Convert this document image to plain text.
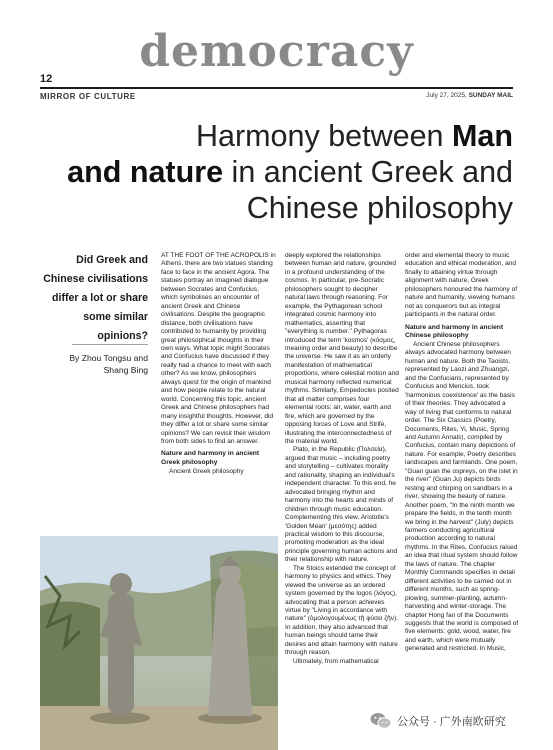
democracy
12
MIRROR OF CULTURE	July 27, 2025, SUNDAY MAIL
Harmony between Man
and nature in ancient Greek and
Chinese philosophy
Did Greek and Chinese civilisations differ a lot or share some similar opinions?
By Zhou Tongsu and
Shang Bing

AT THE FOOT OF THE ACROPOLIS in Athens, there are two statues standing face to face in the ancient Agora. The statues portray an imagined dialogue between Socrates and Confucius, which symbolises an encounter of ancient Greek and Chinese civilisations. Despite the geographic distance, both civilisations have contributed to humanity by providing great philosophical thoughts in their own ways. What topic might Socrates and Confucius have discussed if they really had a chance to meet with each other? As we know, philosophers always quest for the origin of mankind and how people relate to the natural world. Concerning this topic, ancient Greek and Chinese philosophers had many insightful thoughts. However, did they differ a lot or share some similar opinions? We can revisit their wisdom from both sides to find an answer.

Nature and harmony in ancient Greek philosophy

Ancient Greek philosophy

deeply explored the relationships between human and nature, grounded in a profound understanding of the cosmos. In particular, pre-Socratic philosophers sought to decipher natural laws through reasoning. For example, the Pythagorean school integrated cosmic harmony into mathematics, asserting that "everything is number." Pythagoras introduced the term 'kosmos' (κόσμος, meaning order and beauty) to describe the universe. He saw it as an orderly manifestation of mathematical proportions, where celestial motion and musical harmony reflected numerical rhythms. Similarly, Empedocles posited that all matter comprises four elemental roots: air, water, earth and fire, which are governed by the opposing forces of Love and Strife, illustrating the interconnectedness of the material world.

Plato, in the Republic (Πολιτεία), argued that music – including poetry and storytelling – cultivates morality and rationality, shaping an individual's independent character. To this end, he advocated bringing rhythm and harmony into the hearts and minds of children through music education. Complementing this view, Aristotle's 'Golden Mean' (μεσότης) added practical wisdom to this discourse, promoting moderation as the ideal principle governing human actions and their relationship with nature.

The Stoics extended the concept of harmony to physics and ethics. They viewed the universe as an ordered system governed by the logos (λόγος), advocating that a person achieves virtue by "Living in accordance with nature" (ὁμολογουμένως τῇ φύσει ζῆν). In addition, they also advanced that human beings should tame their desires and attain harmony with nature through reason.

Ultimately, from mathematical

order and elemental theory to music education and ethical moderation, and finally to attaining virtue through alignment with nature, Greek philosophers honoured the harmony of nature and humanity, viewing humans not as conquerors but as integral participants in the natural order.

Nature and harmony in ancient Chinese philosophy

Ancient Chinese philosophers always advocated harmony between human and nature. Both the Taoists, represented by Laozi and Zhuangzi, and the Confucians, represented by Confucius and Mencius, took 'harmonious coexistence' as the basis of their theories. They advocated a way of living that conforms to natural order. The Six Classics (Poetry, Documents, Rites, Yi, Music, Spring and Autumn Annals), compiled by Confucius, contain many depictions of nature. For example, Poetry describes landscapes and farmlands. One poem, "Guan guan the ospreys, on the islet in the river" (Guan Ju) depicts birds resting and chirping on sandbars in a river, showing the beauty of nature. Another poem, "In the ninth month we prepare the fields, in the tenth month we bring in the harvest" (July) depicts farmers conducting agricultural production according to natural rhythms. In the Rites, Confucius raised an idea that ritual system should follow the laws of nature. The chapter Monthly Commands specifies in detail different activities to be carried out in different months, such as spring-plowing, summer-planting, autumn-harvesting and winter-storage. The chapter Hong fan of the Documents suggests that the world is composed of five elements: gold, wood, water, fire and earth, which were mutually generated and restricted. In Music,

公众号 · 广外南欧研究
